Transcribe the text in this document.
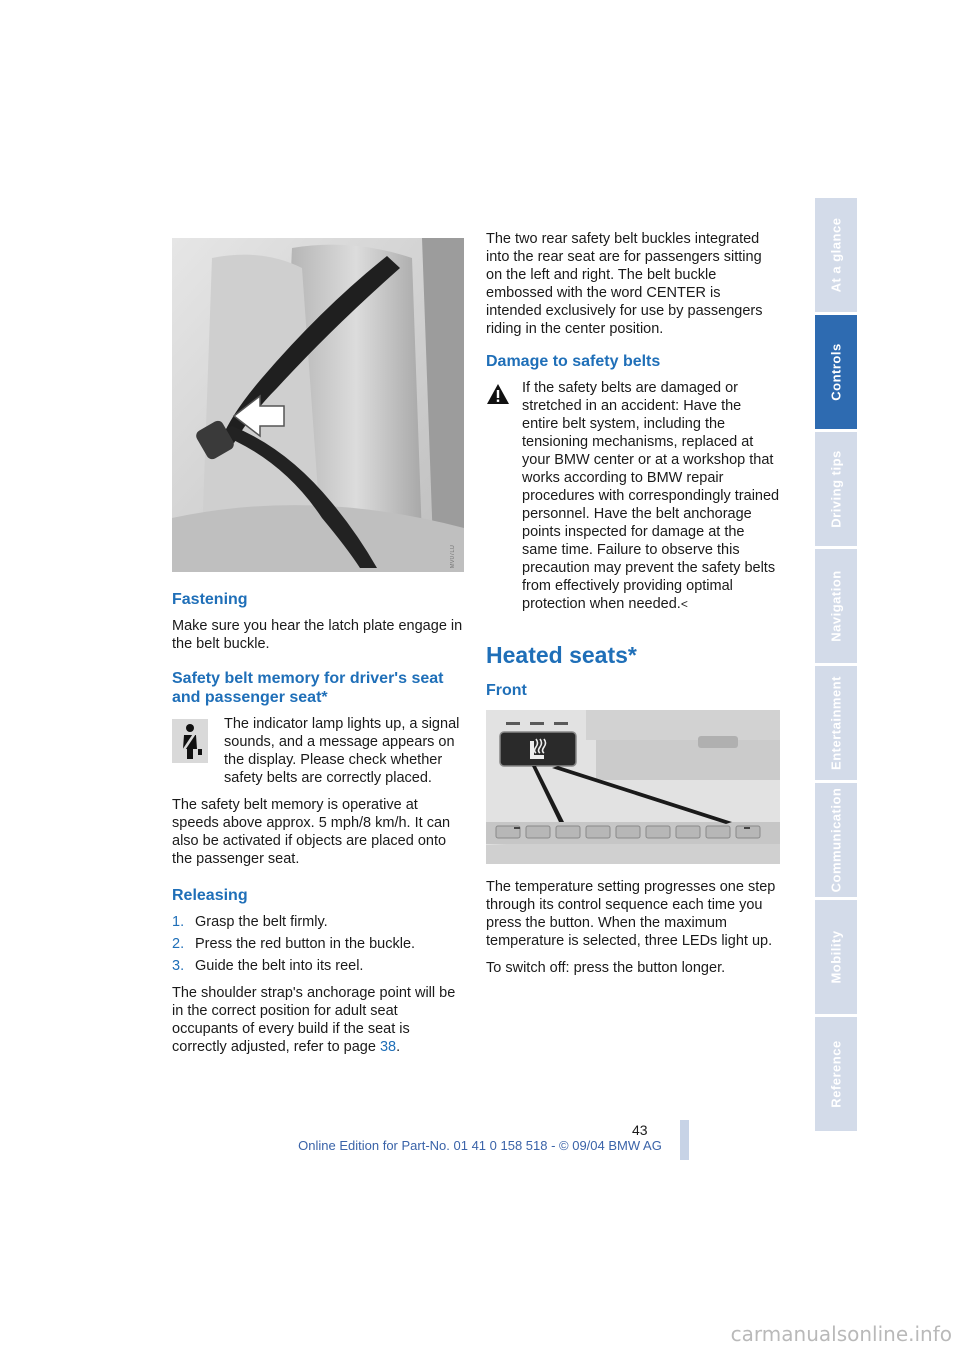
MV07LU
Fastening

Make sure you hear the latch plate engage in the belt buckle.

Safety belt memory for driver's seat and passenger seat*

The indicator lamp lights up, a signal sounds, and a message appears on the display. Please check whether safety belts are correctly placed.

The safety belt memory is operative at speeds above approx. 5 mph/8 km/h. It can also be activated if objects are placed onto the passenger seat.

Releasing
1. Grasp the belt firmly.
2. Press the red button in the buckle.
3. Guide the belt into its reel.

The shoulder strap's anchorage point will be in the correct position for adult seat occupants of every build if the seat is correctly adjusted, refer to page 38.

The two rear safety belt buckles integrated into the rear seat are for passengers sitting on the left and right. The belt buckle embossed with the word CENTER is intended exclusively for use by passengers riding in the center position.

Damage to safety belts

If the safety belts are damaged or stretched in an accident: Have the entire belt system, including the tensioning mechanisms, replaced at your BMW center or at a workshop that works according to BMW repair procedures with correspondingly trained personnel. Have the belt anchorage points inspected for damage at the same time. Failure to observe this precaution may prevent the safety belts from effectively providing optimal protection when needed.<

Heated seats*
Front

The temperature setting progresses one step through its control sequence each time you press the button. When the maximum temperature is selected, three LEDs light up.

To switch off: press the button longer.

At a glance
Controls
Driving tips
Navigation
Entertainment
Communication
Mobility
Reference
43
Online Edition for Part-No. 01 41 0 158 518 - © 09/04 BMW AG
carmanualsonline.info
